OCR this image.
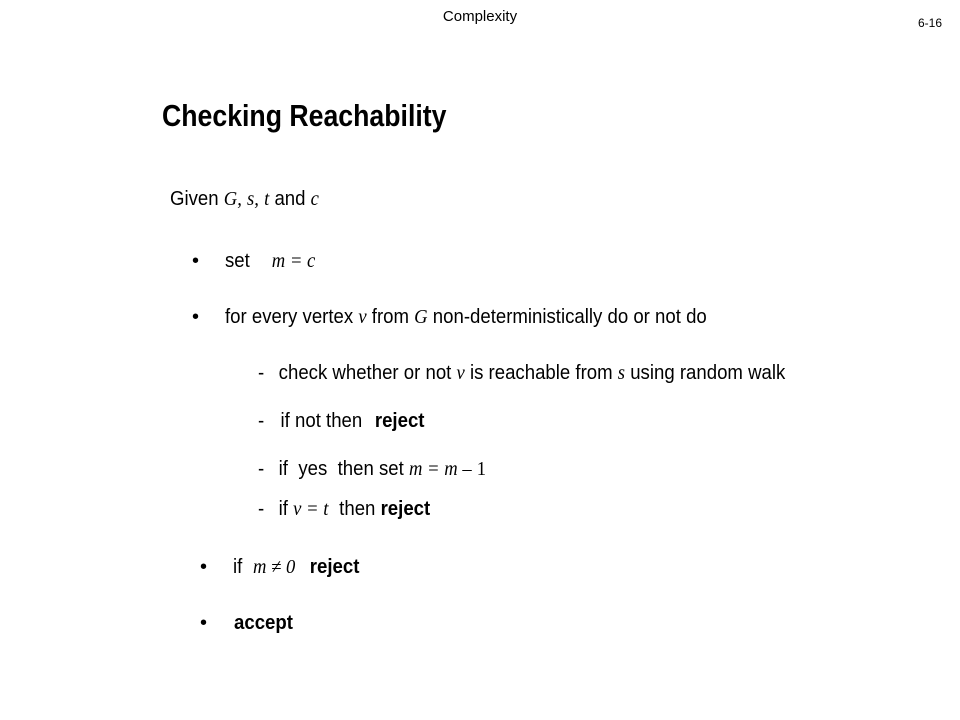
Complexity	6-16
Checking Reachability
Given G, s, t and c
• set m = c
• for every vertex v from G non-deterministically do or not do
- check whether or not v is reachable from s using random walk
- if not then reject
- if  yes  then set m = m – 1
- if v = t then reject
• if m ≠ 0 reject
• accept
